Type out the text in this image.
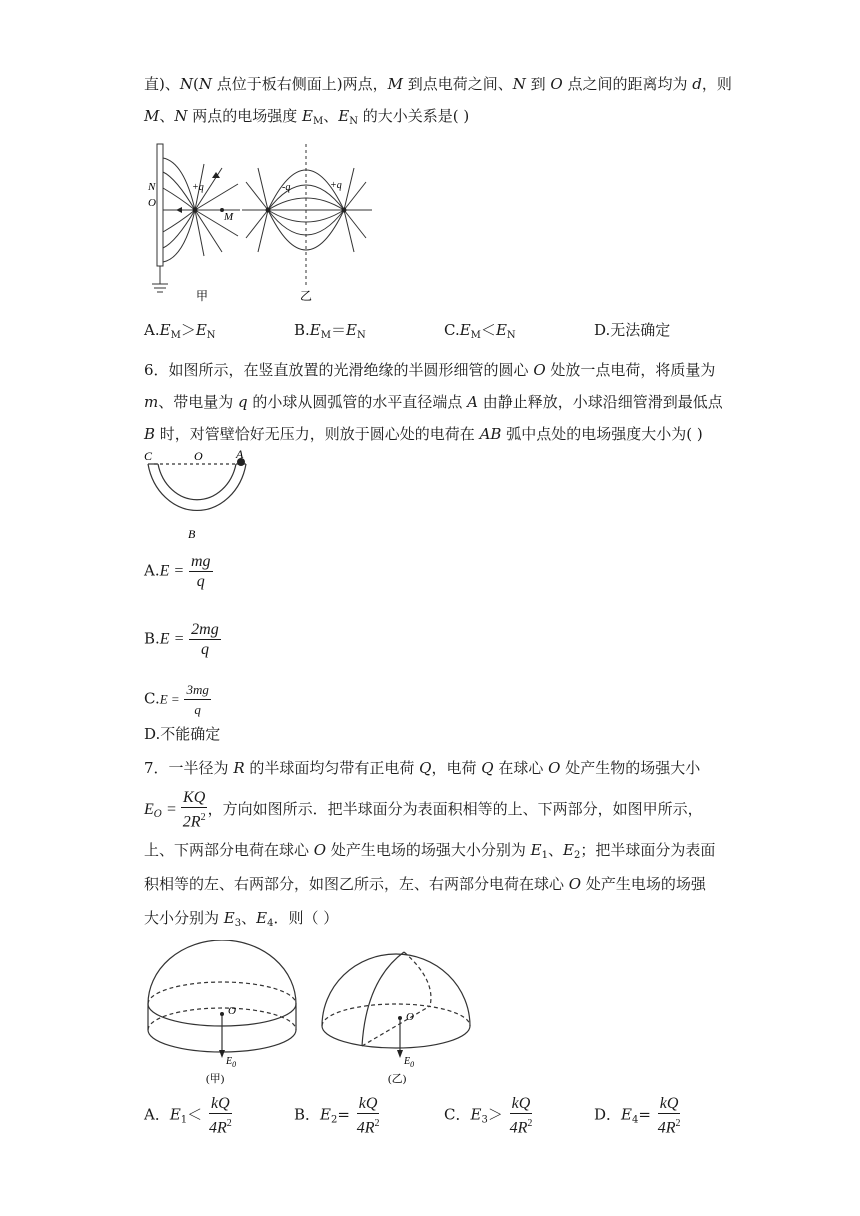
直)、N(N 点位于板右侧面上)两点，M 到点电荷之间、N 到 O 点之间的距离均为 d，则
M、N 两点的电场强度 $E_M$、$E_N$ 的大小关系是( )
N
O
M
+q	-q	+q
甲	乙
$A.E_M>E_N$	$B.E_M=E_N$	$C.E_M<E_N$	D.无法确定
6．如图所示，在竖直放置的光滑绝缘的半圆形细管的圆心 O 处放一点电荷，将质量为
m、带电量为 q 的小球从圆弧管的水平直径端点 A 由静止释放，小球沿细管滑到最低点
B 时，对管壁恰好无压力，则放于圆心处的电荷在 AB 弧中点处的电场强度大小为( )
C	O	A
B
$A.E = \frac{mg}{q}$
$B.E = \frac{2mg}{q}$
$C.E = \frac{3mg}{q}$
D.不能确定
7．一半径为 R 的半球面均匀带有正电荷 Q，电荷 Q 在球心 O 处产生物的场强大小
$E_O = \frac{KQ}{2R^2}$ ，方向如图所示．把半球面分为表面积相等的上、下两部分，如图甲所示，
上、下两部分电荷在球心 O 处产生电场的场强大小分别为 $E_1$、$E_2$；把半球面分为表面
积相等的左、右两部分，如图乙所示，左、右两部分电荷在球心 O 处产生电场的场强
大小分别为 $E_3$、$E_4$．则（ ）
O
$E_0$
(甲)
O
$E_0$
(乙)
A．$E_1< \frac{kQ}{4R^2}$	B．$E_2= \frac{kQ}{4R^2}$	C．$E_3> \frac{kQ}{4R^2}$	D．$E_4= \frac{kQ}{4R^2}$
